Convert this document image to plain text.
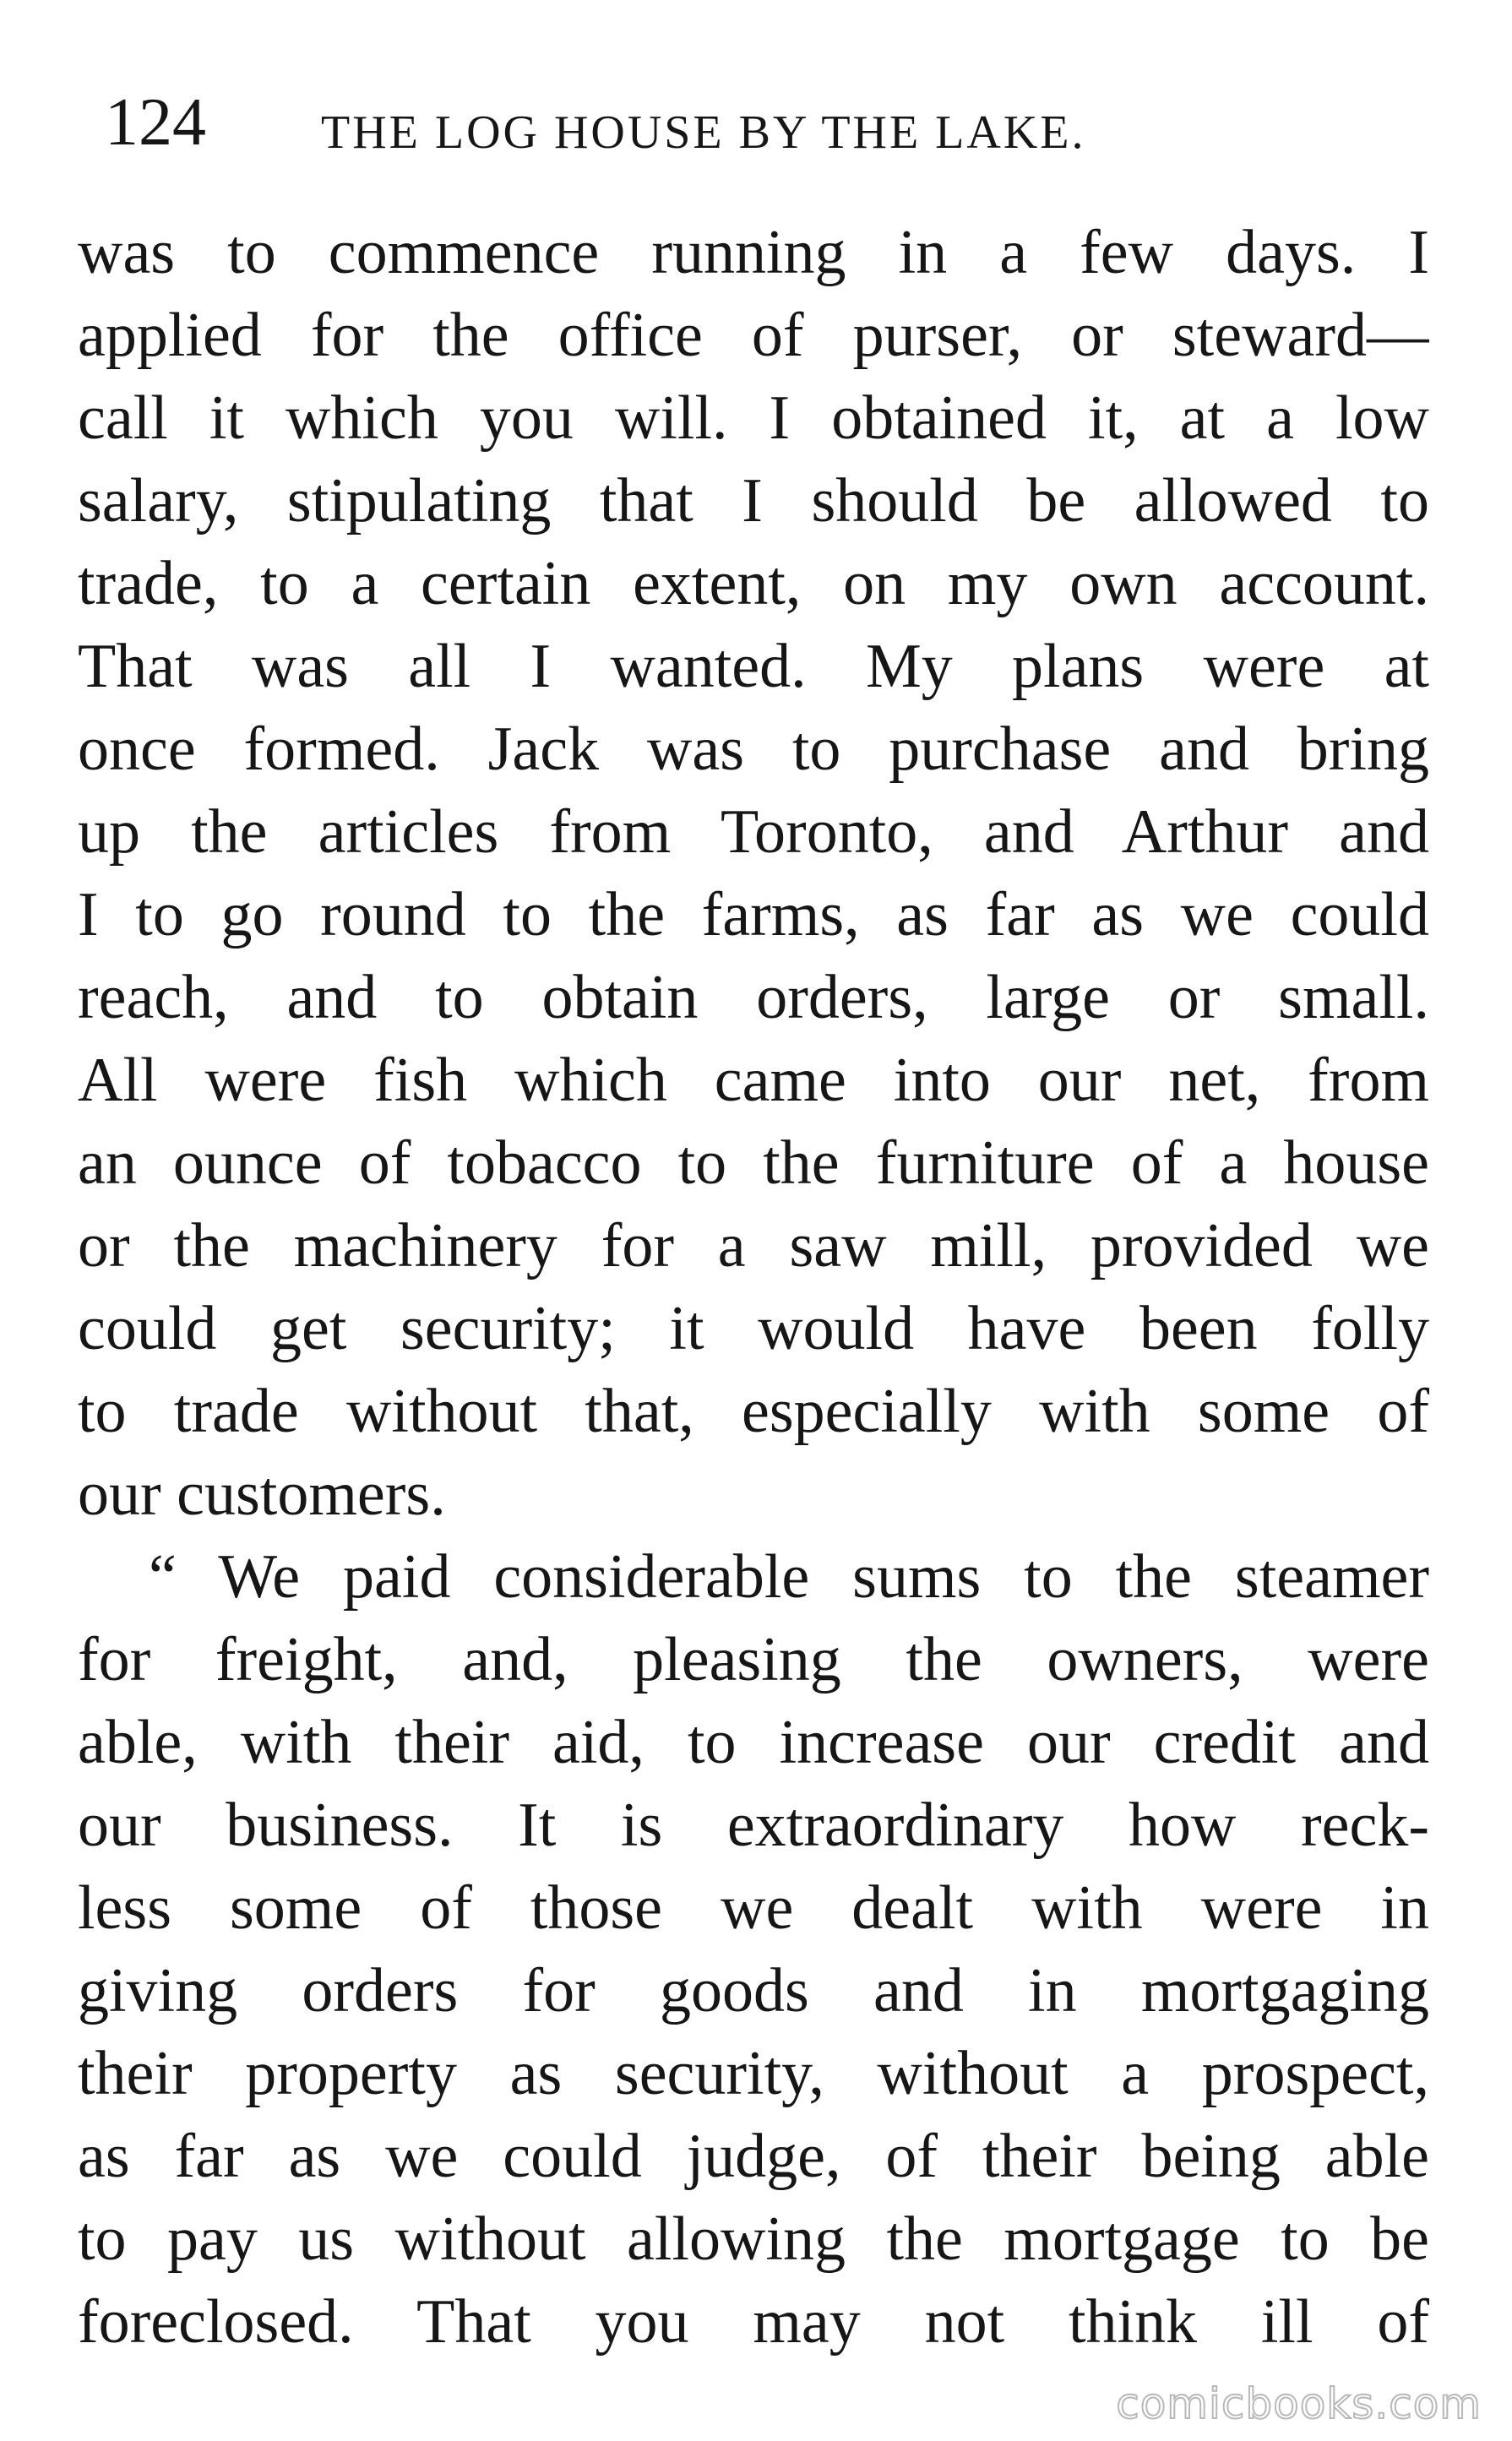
124 THE LOG HOUSE BY THE LAKE.
was to commence running in a few days. I
applied for the office of purser, or steward—
call it which you will. I obtained it, at a low
salary, stipulating that I should be allowed to
trade, to a certain extent, on my own account.
That was all I wanted. My plans were at
once formed. Jack was to purchase and bring
up the articles from Toronto, and Arthur and
I to go round to the farms, as far as we could
reach, and to obtain orders, large or small.
All were fish which came into our net, from
an ounce of tobacco to the furniture of a house
or the machinery for a saw mill, provided we
could get security; it would have been folly
to trade without that, especially with some of
our customers.
“ We paid considerable sums to the steamer
for freight, and, pleasing the owners, were
able, with their aid, to increase our credit and
our business. It is extraordinary how reck-
less some of those we dealt with were in
giving orders for goods and in mortgaging
their property as security, without a prospect,
as far as we could judge, of their being able
to pay us without allowing the mortgage to be
foreclosed. That you may not think ill of
comicbooks.com
